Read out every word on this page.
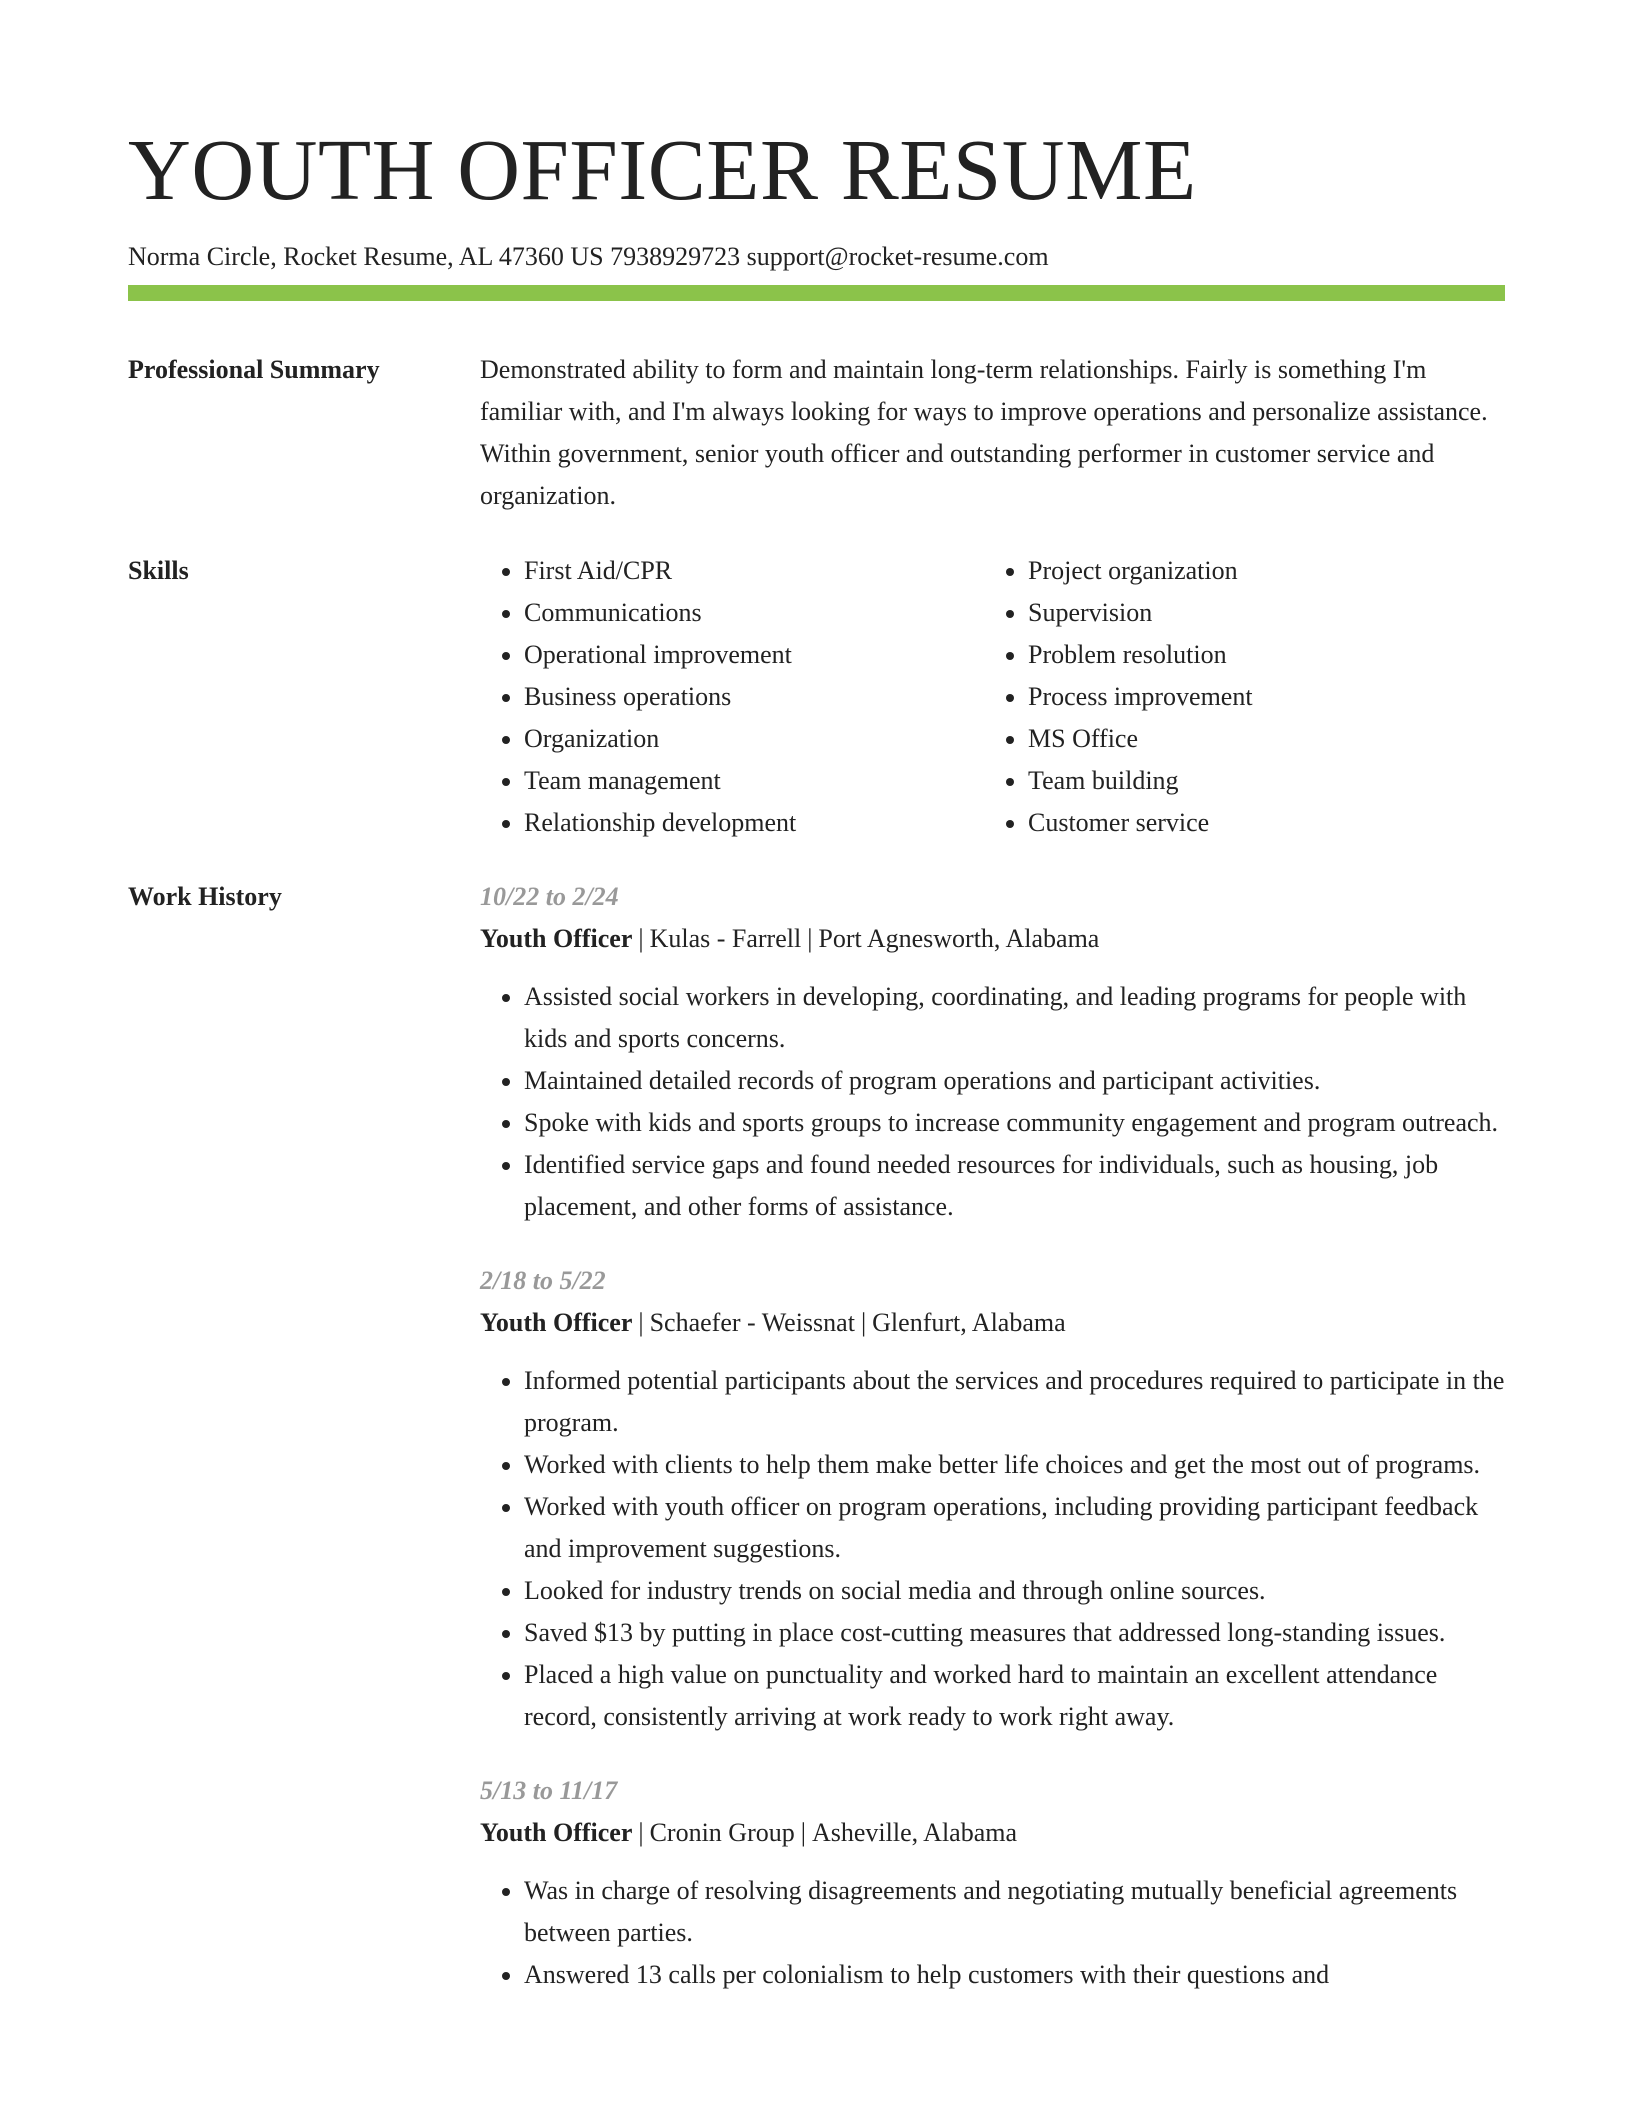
YOUTH OFFICER RESUME
Norma Circle, Rocket Resume, AL 47360 US 7938929723 support@rocket-resume.com
Professional Summary	Demonstrated ability to form and maintain long-term relationships. Fairly is something I'm familiar with, and I'm always looking for ways to improve operations and personalize assistance. Within government, senior youth officer and outstanding performer in customer service and organization.

Skills
•	First Aid/CPR
• Communications
• Operational improvement
• Business operations
• Organization
• Team management
• Relationship development
• Project organization
• Supervision
• Problem resolution
• Process improvement
• MS Office
• Team building
• Customer service
Work History	10/22 to 2/24
Youth Officer | Kulas - Farrell | Port Agnesworth, Alabama
• Assisted social workers in developing, coordinating, and leading programs for people with kids and sports concerns.
• Maintained detailed records of program operations and participant activities.
• Spoke with kids and sports groups to increase community engagement and program outreach.
• Identified service gaps and found needed resources for individuals, such as housing, job placement, and other forms of assistance.
2/18 to 5/22
Youth Officer | Schaefer - Weissnat | Glenfurt, Alabama
• Informed potential participants about the services and procedures required to participate in the program.
• Worked with clients to help them make better life choices and get the most out of programs.
• Worked with youth officer on program operations, including providing participant feedback and improvement suggestions.
• Looked for industry trends on social media and through online sources.
• Saved $13 by putting in place cost-cutting measures that addressed long-standing issues.
• Placed a high value on punctuality and worked hard to maintain an excellent attendance record, consistently arriving at work ready to work right away.
5/13 to 11/17
Youth Officer | Cronin Group | Asheville, Alabama
• Was in charge of resolving disagreements and negotiating mutually beneficial agreements between parties.
• Answered 13 calls per colonialism to help customers with their questions and
